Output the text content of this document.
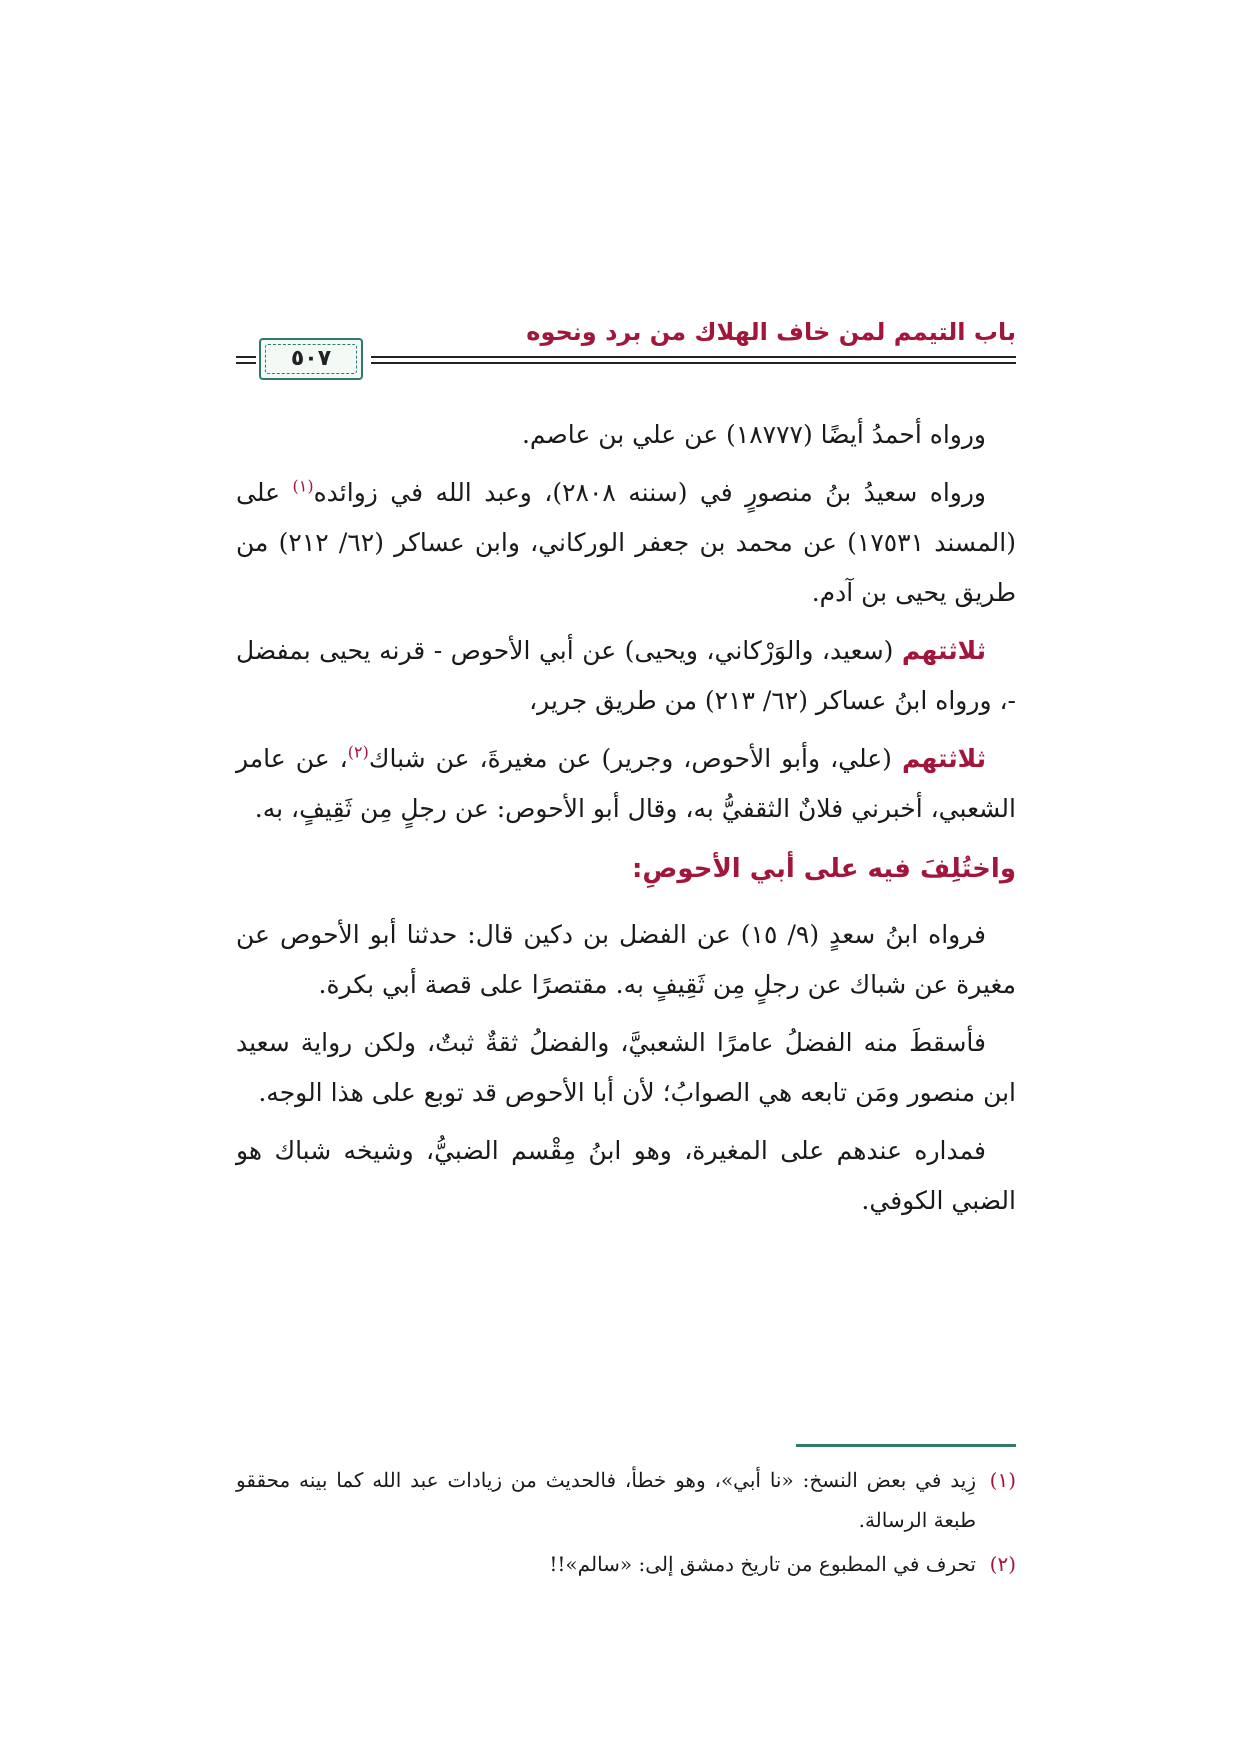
باب التيمم لمن خاف الهلاك من برد ونحوه
٥٠٧

ورواه أحمدُ أيضًا (١٨٧٧٧) عن علي بن عاصم.

ورواه سعيدُ بنُ منصورٍ في (سننه ٢٨٠٨)، وعبد الله في زوائده$^{(١)}$ على (المسند ١٧٥٣١) عن محمد بن جعفر الوركاني، وابن عساكر (٦٢/ ٢١٢) من طريق يحيى بن آدم.

ثلاثتهم (سعيد، والوَرْكاني، ويحيى) عن أبي الأحوص - قرنه يحيى بمفضل -، ورواه ابنُ عساكر (٦٢/ ٢١٣) من طريق جرير،

ثلاثتهم (علي، وأبو الأحوص، وجرير) عن مغيرةَ، عن شباك$^{(٢)}$، عن عامر الشعبي، أخبرني فلانٌ الثقفيُّ به، وقال أبو الأحوص: عن رجلٍ مِن ثَقِيفٍ، به.

واختُلِفَ فيه على أبي الأحوصِ:

فرواه ابنُ سعدٍ (٩/ ١٥) عن الفضل بن دكين قال: حدثنا أبو الأحوص عن مغيرة عن شباك عن رجلٍ مِن ثَقِيفٍ به. مقتصرًا على قصة أبي بكرة.

فأسقطَ منه الفضلُ عامرًا الشعبيَّ، والفضلُ ثقةٌ ثبتٌ، ولكن رواية سعيد ابن منصور ومَن تابعه هي الصوابُ؛ لأن أبا الأحوص قد توبع على هذا الوجه.

فمداره عندهم على المغيرة، وهو ابنُ مِقْسم الضبيُّ، وشيخه شباك هو الضبي الكوفي.

(١)
زِيد في بعض النسخ: «نا أبي»، وهو خطأ، فالحديث من زيادات عبد الله كما بينه محققو طبعة الرسالة.
(٢)
تحرف في المطبوع من تاريخ دمشق إلى: «سالم»!!
